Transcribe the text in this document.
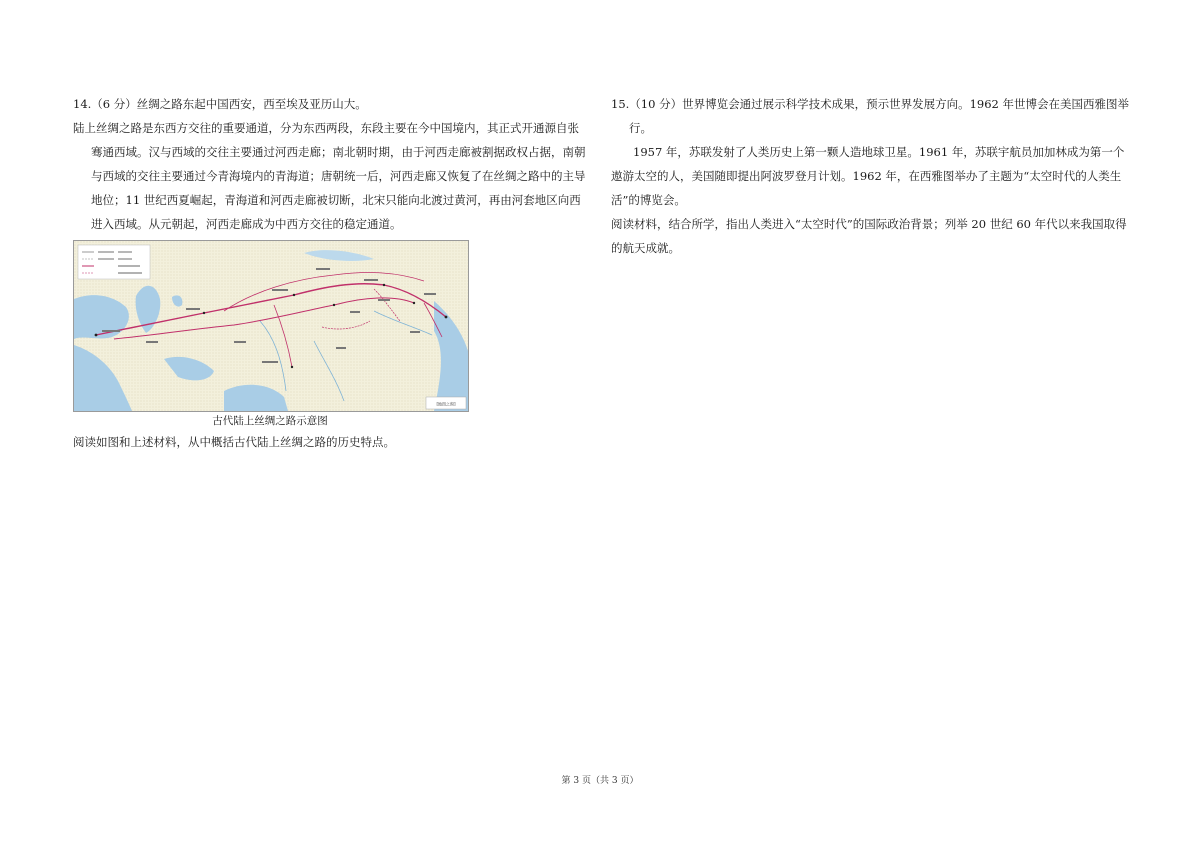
14.（6 分）丝绸之路东起中国西安，西至埃及亚历山大。

陆上丝绸之路是东西方交往的重要通道，分为东西两段，东段主要在今中国境内，其正式开通源自张骞通西域。汉与西域的交往主要通过河西走廊；南北朝时期，由于河西走廊被割据政权占据，南朝与西域的交往主要通过今青海境内的青海道；唐朝统一后，河西走廊又恢复了在丝绸之路中的主导地位；11 世纪西夏崛起，青海道和河西走廊被切断，北宋只能向北渡过黄河，再由河套地区向西进入西域。从元朝起，河西走廊成为中西方交往的稳定通道。

[地图之窗]
古代陆上丝绸之路示意图

阅读如图和上述材料，从中概括古代陆上丝绸之路的历史特点。

15.（10 分）世界博览会通过展示科学技术成果，预示世界发展方向。1962 年世博会在美国西雅图举行。

1957 年，苏联发射了人类历史上第一颗人造地球卫星。1961 年，苏联宇航员加加林成为第一个遨游太空的人，美国随即提出阿波罗登月计划。1962 年，在西雅图举办了主题为“太空时代的人类生活”的博览会。

阅读材料，结合所学，指出人类进入“太空时代”的国际政治背景；列举 20 世纪 60 年代以来我国取得的航天成就。

第 3 页（共 3 页）
